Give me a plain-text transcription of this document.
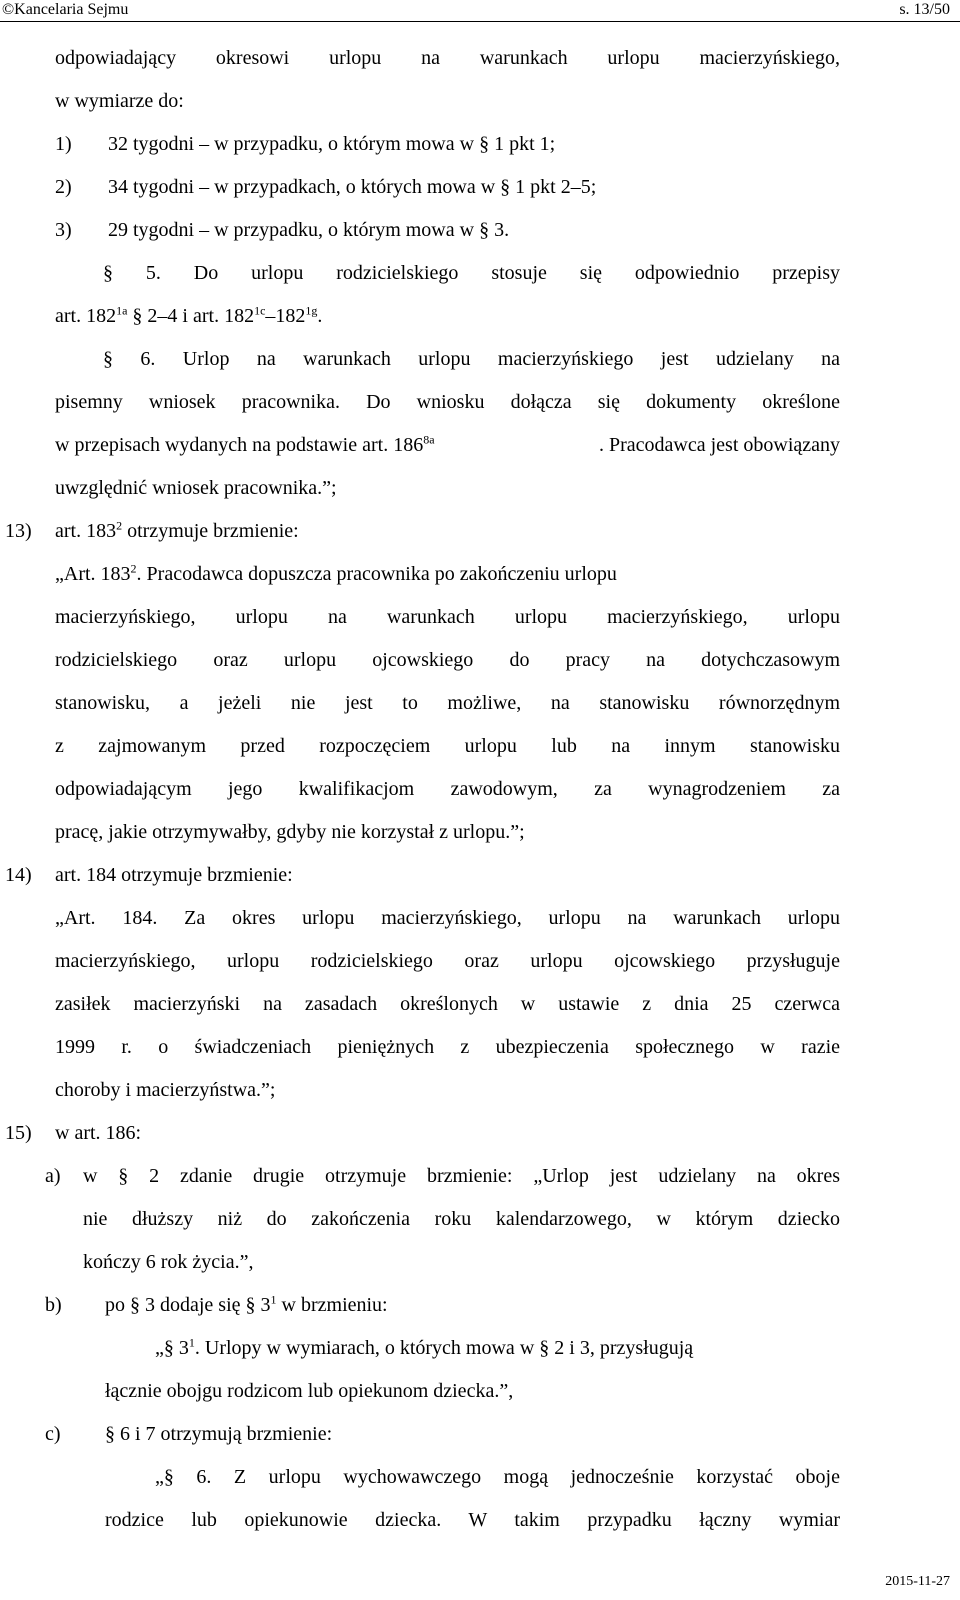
©Kancelaria Sejmu	s. 13/50
odpowiadający okresowi urlopu na warunkach urlopu macierzyńskiego,
w wymiarze do:
1) 32 tygodni – w przypadku, o którym mowa w § 1 pkt 1;
2) 34 tygodni – w przypadkach, o których mowa w § 1 pkt 2–5;
3) 29 tygodni – w przypadku, o którym mowa w § 3.
§ 5. Do urlopu rodzicielskiego stosuje się odpowiednio przepisy
art. $182^{1a}$ § 2–4 i art. $182^{1c}-182^{1g}$.
§ 6. Urlop na warunkach urlopu macierzyńskiego jest udzielany na
pisemny wniosek pracownika. Do wniosku dołącza się dokumenty określone
w przepisach wydanych na podstawie art. $186^{8a}$	. Pracodawca jest obowiązany
uwzględnić wniosek pracownika.”;
13) art. $183^2$ otrzymuje brzmienie:
„Art. $183^2$. Pracodawca dopuszcza pracownika po zakończeniu urlopu
macierzyńskiego, urlopu na warunkach urlopu macierzyńskiego, urlopu
rodzicielskiego oraz urlopu ojcowskiego do pracy na dotychczasowym
stanowisku, a jeżeli nie jest to możliwe, na stanowisku równorzędnym
z zajmowanym przed rozpoczęciem urlopu lub na innym stanowisku
odpowiadającym jego kwalifikacjom zawodowym, za wynagrodzeniem za
pracę, jakie otrzymywałby, gdyby nie korzystał z urlopu.”;
14) art. 184 otrzymuje brzmienie:
„Art. 184. Za okres urlopu macierzyńskiego, urlopu na warunkach urlopu
macierzyńskiego, urlopu rodzicielskiego oraz urlopu ojcowskiego przysługuje
zasiłek macierzyński na zasadach określonych w ustawie z dnia 25 czerwca
1999 r. o świadczeniach pieniężnych z ubezpieczenia społecznego w razie
choroby i macierzyństwa.”;
15) w art. 186:
a) w § 2 zdanie drugie otrzymuje brzmienie: „Urlop jest udzielany na okres
nie dłuższy niż do zakończenia roku kalendarzowego, w którym dziecko
kończy 6 rok życia.”,
b) po § 3 dodaje się § $3^1$ w brzmieniu:
„§ $3^1$. Urlopy w wymiarach, o których mowa w § 2 i 3, przysługują
łącznie obojgu rodzicom lub opiekunom dziecka.”,
c) § 6 i 7 otrzymują brzmienie:
„§ 6. Z urlopu wychowawczego mogą jednocześnie korzystać oboje
rodzice lub opiekunowie dziecka. W takim przypadku łączny wymiar
2015-11-27
